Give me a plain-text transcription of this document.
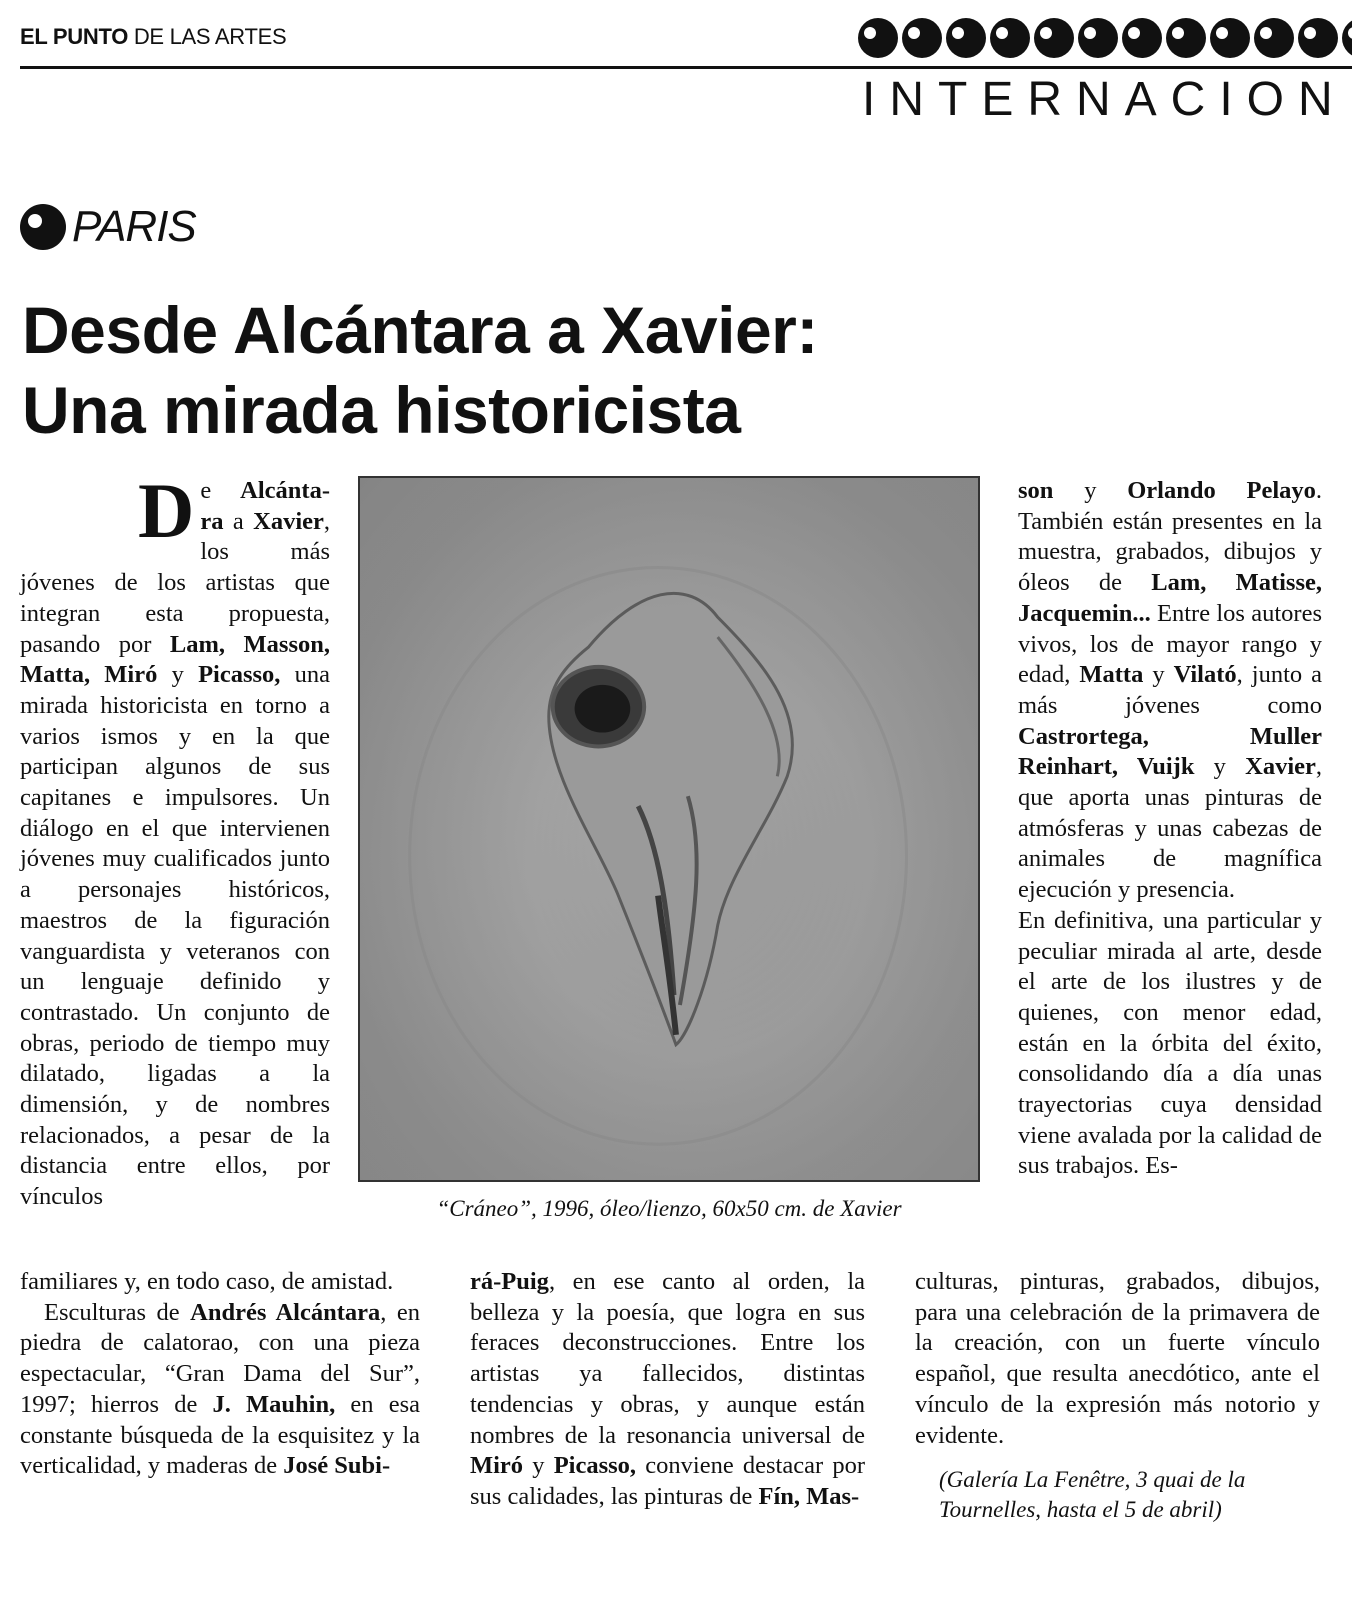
EL PUNTO DE LAS ARTES
INTERNACION
PARIS
Desde Alcántara a Xavier:
Una mirada historicista
De Alcánta-ra a Xavier, los más jóvenes de los artistas que integran esta propuesta, pasando por Lam, Masson, Matta, Miró y Picasso, una mirada historicista en torno a varios ismos y en la que participan algunos de sus capitanes e impulsores. Un diálogo en el que intervienen jóvenes muy cualificados junto a personajes históricos, maestros de la figuración vanguardista y veteranos con un lenguaje definido y contrastado. Un conjunto de obras, periodo de tiempo muy dilatado, ligadas a la dimensión, y de nombres relacionados, a pesar de la distancia entre ellos, por vínculos	“Cráneo”, 1996, óleo/lienzo, 60x50 cm. de Xavier
familiares y, en todo caso, de amistad.
Esculturas de Andrés Alcántara, en piedra de calatorao, con una pieza espectacular, “Gran Dama del Sur”, 1997; hierros de J. Mauhin, en esa constante búsqueda de la esquisitez y la verticalidad, y maderas de José Subi-
rá-Puig, en ese canto al orden, la belleza y la poesía, que logra en sus feraces deconstrucciones. Entre los artistas ya fallecidos, distintas tendencias y obras, y aunque están nombres de la resonancia universal de Miró y Picasso, conviene destacar por sus calidades, las pinturas de Fín, Mas-
son y Orlando Pelayo. También están presentes en la muestra, grabados, dibujos y óleos de Lam, Matisse, Jacquemin... Entre los autores vivos, los de mayor rango y edad, Matta y Vilató, junto a más jóvenes como Castrortega, Muller Reinhart, Vuijk y Xavier, que aporta unas pinturas de atmósferas y unas cabezas de animales de magnífica ejecución y presencia.
En definitiva, una particular y peculiar mirada al arte, desde el arte de los ilustres y de quienes, con menor edad, están en la órbita del éxito, consolidando día a día unas trayectorias cuya densidad viene avalada por la calidad de sus trabajos. Es-
culturas, pinturas, grabados, dibujos, para una celebración de la primavera de la creación, con un fuerte vínculo español, que resulta anecdótico, ante el vínculo de la expresión más notorio y evidente.
(Galería La Fenêtre, 3 quai de la Tournelles, hasta el 5 de abril)
